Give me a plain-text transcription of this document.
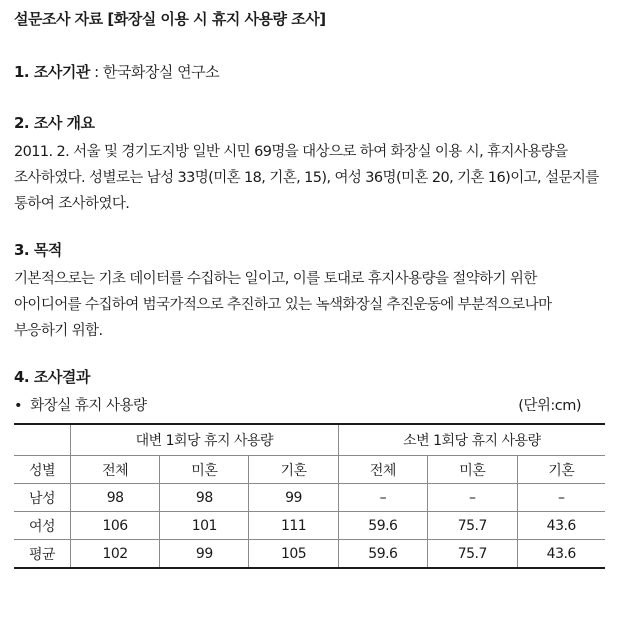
설문조사 자료 [화장실 이용 시 휴지 사용량 조사]
1. 조사기관 : 한국화장실 연구소
2. 조사 개요
2011. 2. 서울 및 경기도지방 일반 시민 69명을 대상으로 하여 화장실 이용 시, 휴지사용량을 조사하였다. 성별로는 남성 33명(미혼 18, 기혼, 15), 여성 36명(미혼 20, 기혼 16)이고, 설문지를 통하여 조사하였다.
3. 목적
기본적으로는 기초 데이터를 수집하는 일이고, 이를 토대로 휴지사용량을 절약하기 위한 아이디어를 수집하여 범국가적으로 추진하고 있는 녹색화장실 추진운동에 부분적으로나마 부응하기 위함.
4. 조사결과
• 화장실 휴지 사용량	(단위:cm)
	대변 1회당 휴지 사용량			소변 1회당 휴지 사용량		
성별	전체	미혼	기혼	전체	미혼	기혼
남성	98	98	99	–	–	–
여성	106	101	111	59.6	75.7	43.6
평균	102	99	105	59.6	75.7	43.6
